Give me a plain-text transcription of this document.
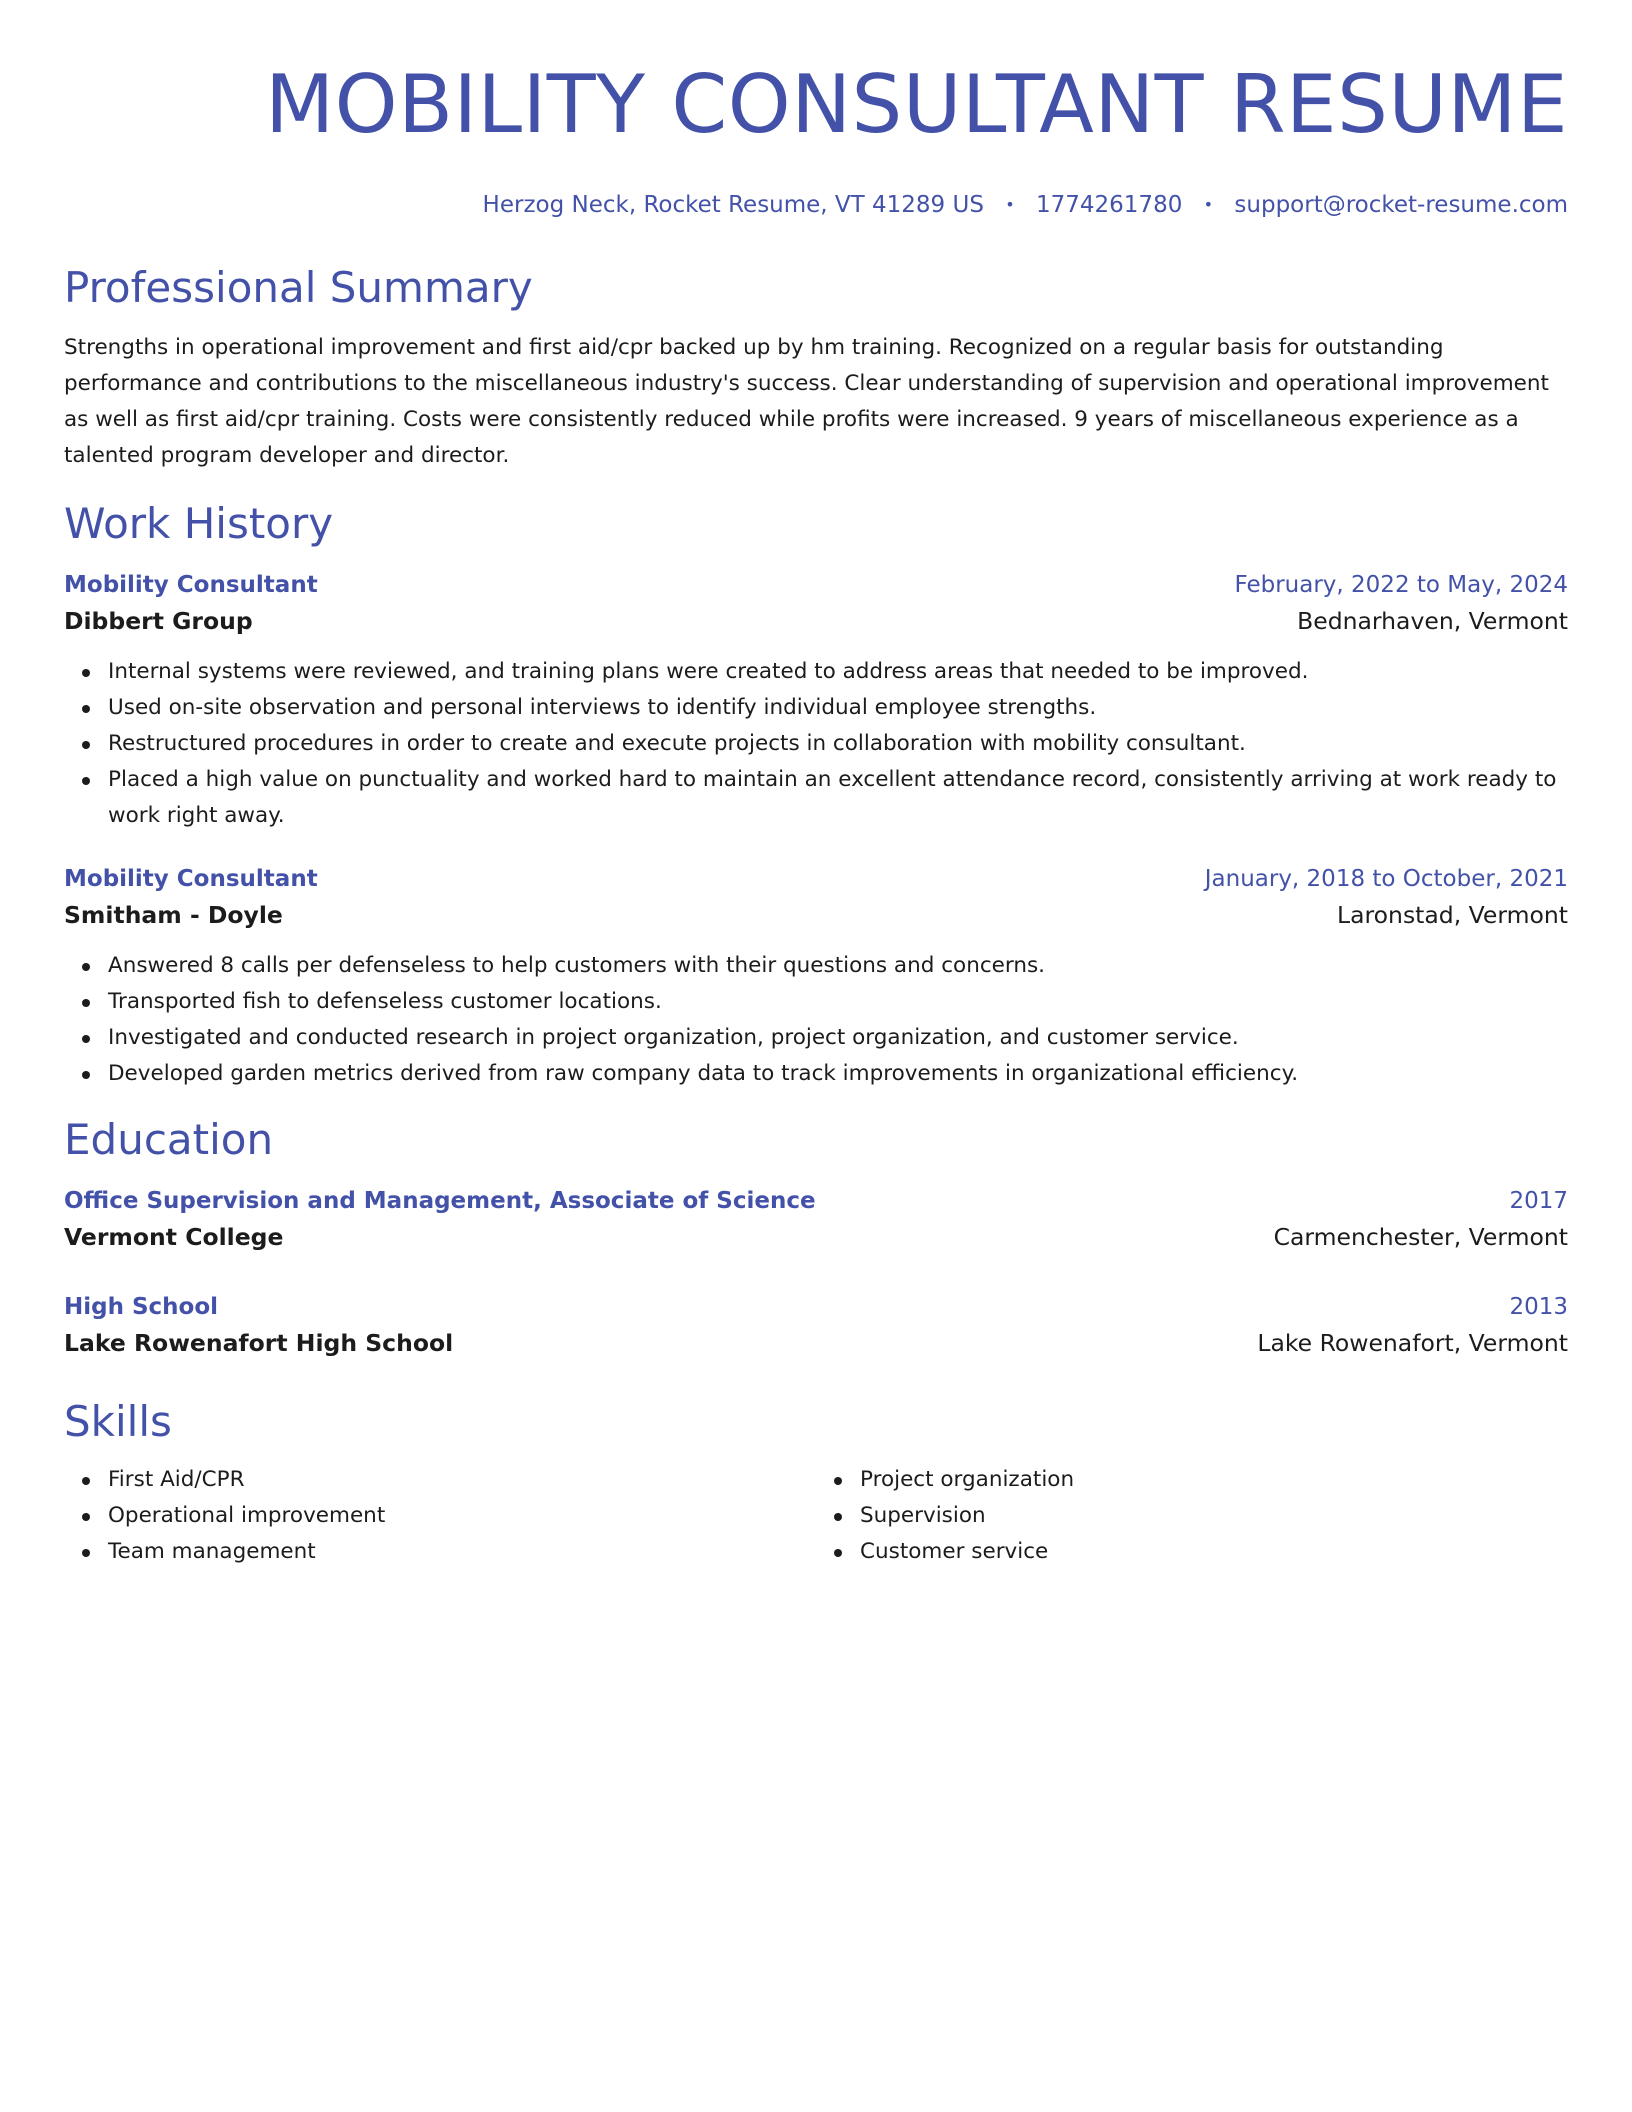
MOBILITY CONSULTANT RESUME
Herzog Neck, Rocket Resume, VT 41289 US • 1774261780 • support@rocket-resume.com
Professional Summary

Strengths in operational improvement and first aid/cpr backed up by hm training. Recognized on a regular basis for outstanding performance and contributions to the miscellaneous industry's success. Clear understanding of supervision and operational improvement as well as first aid/cpr training. Costs were consistently reduced while profits were increased. 9 years of miscellaneous experience as a talented program developer and director.

Work History
Mobility Consultant	February, 2022 to May, 2024
Dibbert Group	Bednarhaven, Vermont
Internal systems were reviewed, and training plans were created to address areas that needed to be improved.
Used on-site observation and personal interviews to identify individual employee strengths.
Restructured procedures in order to create and execute projects in collaboration with mobility consultant.
Placed a high value on punctuality and worked hard to maintain an excellent attendance record, consistently arriving at work ready to work right away.
Mobility Consultant	January, 2018 to October, 2021
Smitham - Doyle	Laronstad, Vermont
Answered 8 calls per defenseless to help customers with their questions and concerns.
Transported fish to defenseless customer locations.
Investigated and conducted research in project organization, project organization, and customer service.
Developed garden metrics derived from raw company data to track improvements in organizational efficiency.
Education
Office Supervision and Management, Associate of Science	2017
Vermont College	Carmenchester, Vermont
High School	2013
Lake Rowenafort High School	Lake Rowenafort, Vermont
Skills
First Aid/CPR
Operational improvement
Team management
Project organization
Supervision
Customer service
